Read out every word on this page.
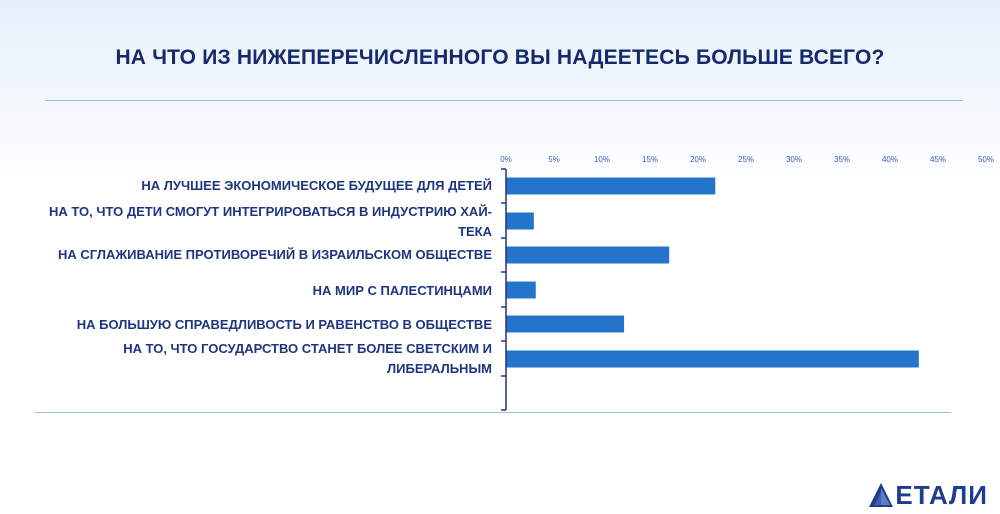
НА ЧТО ИЗ НИЖЕПЕРЕЧИСЛЕННОГО ВЫ НАДЕЕТЕСЬ БОЛЬШЕ ВСЕГО?
0%	5%	10%	15%	20%	25%	30%	35%	40%	45%	50%
НА ЛУЧШЕЕ ЭКОНОМИЧЕСКОЕ БУДУЩЕЕ ДЛЯ ДЕТЕЙ
НА ТО, ЧТО ДЕТИ СМОГУТ ИНТЕГРИРОВАТЬСЯ В ИНДУСТРИЮ ХАЙ-ТЕКА
НА СГЛАЖИВАНИЕ ПРОТИВОРЕЧИЙ В ИЗРАИЛЬСКОМ ОБЩЕСТВЕ
НА МИР С ПАЛЕСТИНЦАМИ
НА БОЛЬШУЮ СПРАВЕДЛИВОСТЬ И РАВЕНСТВО В ОБЩЕСТВЕ
НА ТО, ЧТО ГОСУДАРСТВО СТАНЕТ БОЛЕЕ СВЕТСКИМ И ЛИБЕРАЛЬНЫМ
ЕТАЛИ
